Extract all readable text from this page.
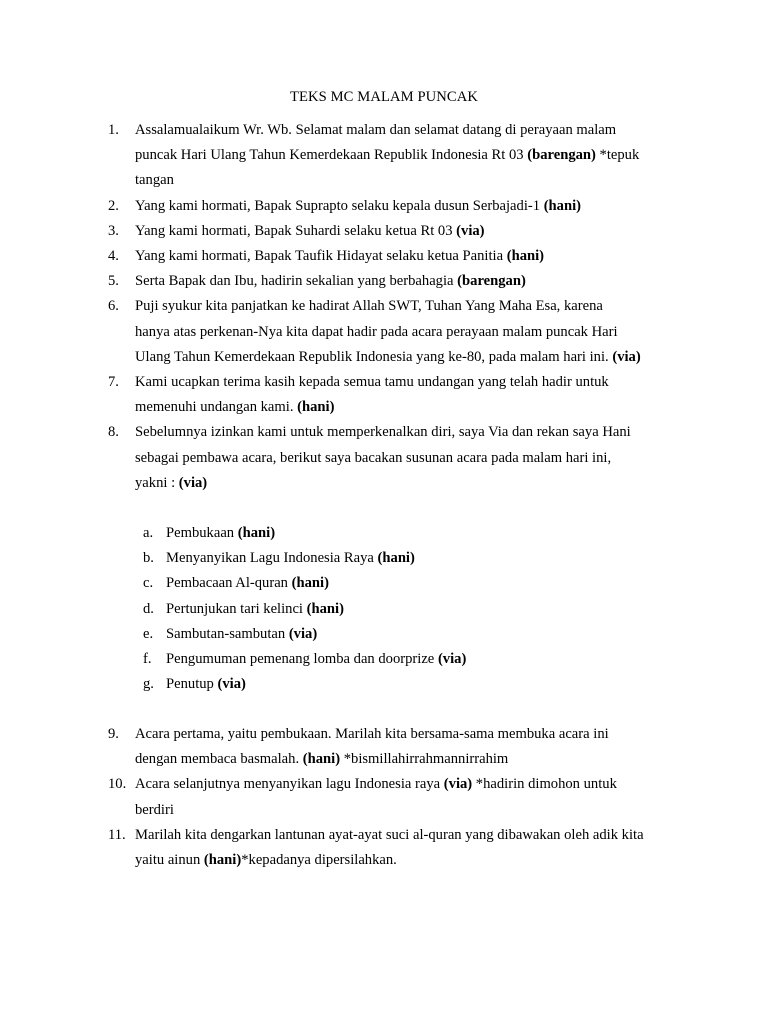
TEKS MC MALAM PUNCAK
1.	Assalamualaikum Wr. Wb. Selamat malam dan selamat datang di perayaan malam
puncak Hari Ulang Tahun Kemerdekaan Republik Indonesia Rt 03 (barengan) *tepuk
tangan
2.	Yang kami hormati, Bapak Suprapto selaku kepala dusun Serbajadi-1 (hani)
3.	Yang kami hormati, Bapak Suhardi selaku ketua Rt 03 (via)
4.	Yang kami hormati, Bapak Taufik Hidayat selaku ketua Panitia (hani)
5.	Serta Bapak dan Ibu, hadirin sekalian yang berbahagia (barengan)
6.	Puji syukur kita panjatkan ke hadirat Allah SWT, Tuhan Yang Maha Esa, karena
hanya atas perkenan-Nya kita dapat hadir pada acara perayaan malam puncak Hari
Ulang Tahun Kemerdekaan Republik Indonesia yang ke-80, pada malam hari ini. (via)
7.	Kami ucapkan terima kasih kepada semua tamu undangan yang telah hadir untuk
memenuhi undangan kami. (hani)
8.	Sebelumnya izinkan kami untuk memperkenalkan diri, saya Via dan rekan saya Hani
sebagai pembawa acara, berikut saya bacakan susunan acara pada malam hari ini,
yakni : (via)
a. Pembukaan (hani)
b. Menyanyikan Lagu Indonesia Raya (hani)
c. Pembacaan Al-quran (hani)
d. Pertunjukan tari kelinci (hani)
e. Sambutan-sambutan (via)
f. Pengumuman pemenang lomba dan doorprize (via)
g. Penutup (via)
9.	Acara pertama, yaitu pembukaan. Marilah kita bersama-sama membuka acara ini
dengan membaca basmalah. (hani) *bismillahirrahmannirrahim
10. Acara selanjutnya menyanyikan lagu Indonesia raya (via) *hadirin dimohon untuk
berdiri
11. Marilah kita dengarkan lantunan ayat-ayat suci al-quran yang dibawakan oleh adik kita
yaitu ainun (hani)*kepadanya dipersilahkan.
